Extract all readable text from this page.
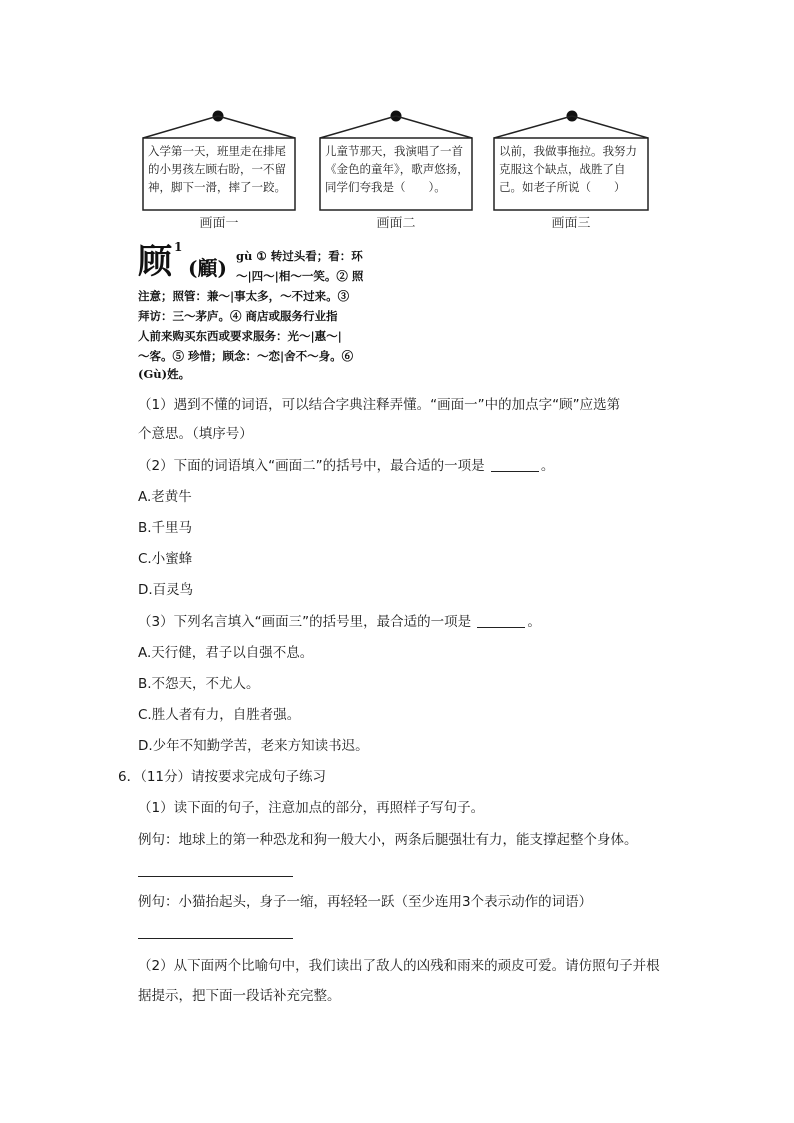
入学第一天，班里走在排尾的小男孩左顾右盼，一不留神，脚下一滑，摔了一跤。
画面一
儿童节那天，我演唱了一首《金色的童年》，歌声悠扬，同学们夸我是（　　）。
画面二
以前，我做事拖拉。我努力克服这个缺点，战胜了自己。如老子所说（　　）
画面三
顾 1
(顧) gù ① 转过头看；看：环
～|四～|相～一笑。② 照
注意；照管：兼～|事太多，～不过来。③
拜访：三～茅庐。④ 商店或服务行业指
人前来购买东西或要求服务：光～|惠～|
～客。⑤ 珍惜；顾念：～恋|舍不～身。⑥
(Gù)姓。
（1）遇到不懂的词语，可以结合字典注释弄懂。“画面一”中的加点字“顾”应选第
个意思。（填序号）
（2）下面的词语填入“画面二”的括号中，最合适的一项是	。
A.老黄牛
B.千里马
C.小蜜蜂
D.百灵鸟
（3）下列名言填入“画面三”的括号里，最合适的一项是	。
A.天行健，君子以自强不息。
B.不怨天，不尤人。
C.胜人者有力，自胜者强。
D.少年不知勤学苦，老来方知读书迟。
6．（11分）请按要求完成句子练习
（1）读下面的句子，注意加点的部分，再照样子写句子。
例句：地球上的第一种恐龙和狗一般大小，两条后腿强壮有力，能支撑起整个身体。
例句：小猫抬起头，身子一缩，再轻轻一跃（至少连用3个表示动作的词语）
（2）从下面两个比喻句中，我们读出了敌人的凶残和雨来的顽皮可爱。请仿照句子并根
据提示，把下面一段话补充完整。
